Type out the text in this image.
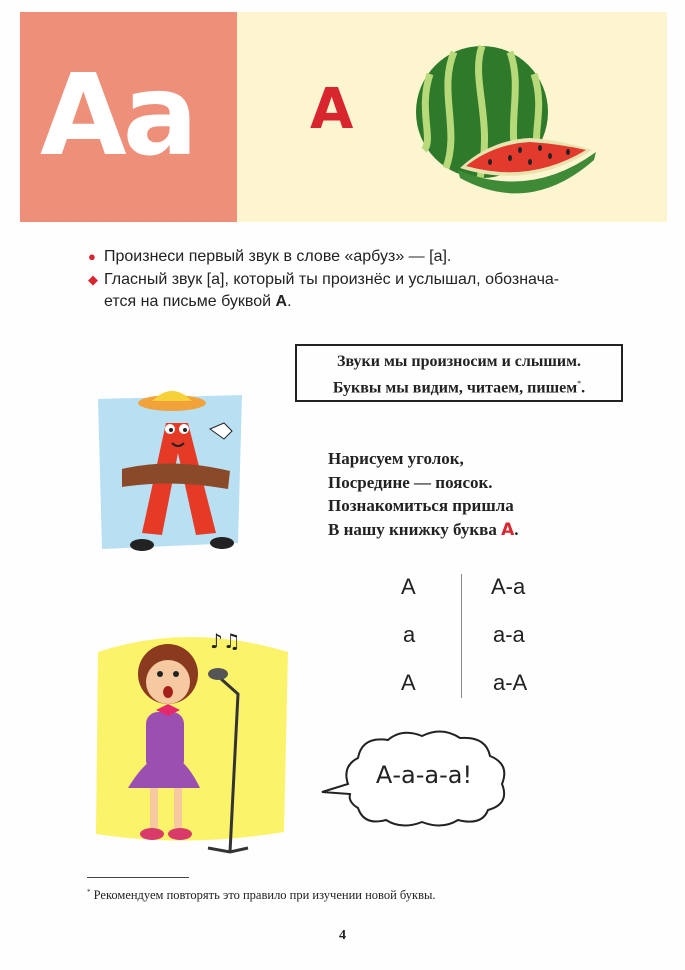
Aa A
● Произнеси первый звук в слове «арбуз» — [а].
◆ Гласный звук [а], который ты произнёс и услышал, обознача-
ется на письме буквой А.
Звуки мы произносим и слышим.
Буквы мы видим, читаем, пишем*.
Нарисуем уголок,
Посредине — поясок.
Познакомиться пришла
В нашу книжку буква А.
А
а
А
А-а
а-а
а-А
♪♫
А-а-а-а!
* Рекомендуем повторять это правило при изучении новой буквы.
4
